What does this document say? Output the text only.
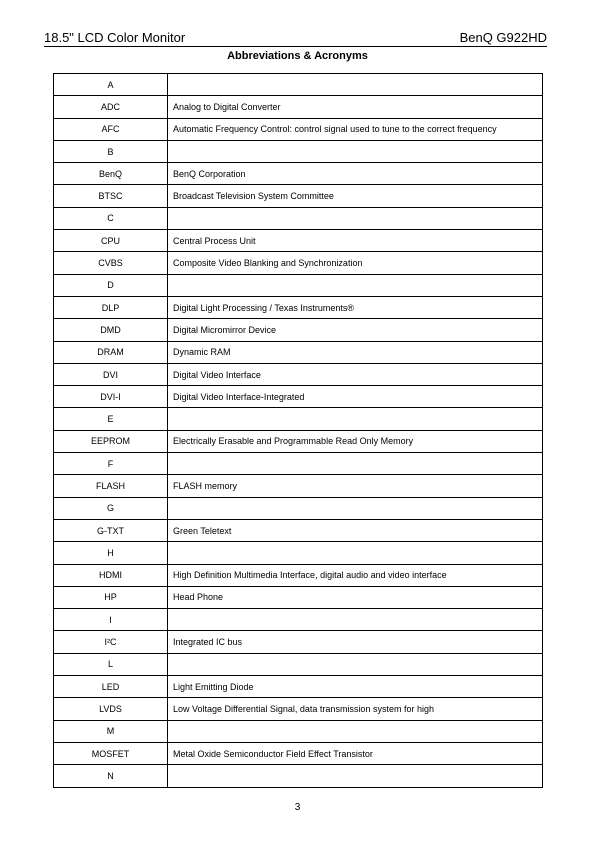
18.5" LCD Color Monitor	BenQ G922HD
Abbreviations & Acronyms
A	
ADC	Analog to Digital Converter
AFC	Automatic Frequency Control: control signal used to tune to the correct frequency
B	
BenQ	BenQ Corporation
BTSC	Broadcast Television System Committee
C	
CPU	Central Process Unit
CVBS	Composite Video Blanking and Synchronization
D	
DLP	Digital Light Processing / Texas Instruments®
DMD	Digital Micromirror Device
DRAM	Dynamic RAM
DVI	Digital Video Interface
DVI-I	Digital Video Interface-Integrated
E	
EEPROM	Electrically Erasable and Programmable Read Only Memory
F	
FLASH	FLASH memory
G	
G-TXT	Green Teletext
H	
HDMI	High Definition Multimedia Interface, digital audio and video interface
HP	Head Phone
I	
I²C	Integrated IC bus
L	
LED	Light Emitting Diode
LVDS	Low Voltage Differential Signal, data transmission system for high
M	
MOSFET	Metal Oxide Semiconductor Field Effect Transistor
N	
3
